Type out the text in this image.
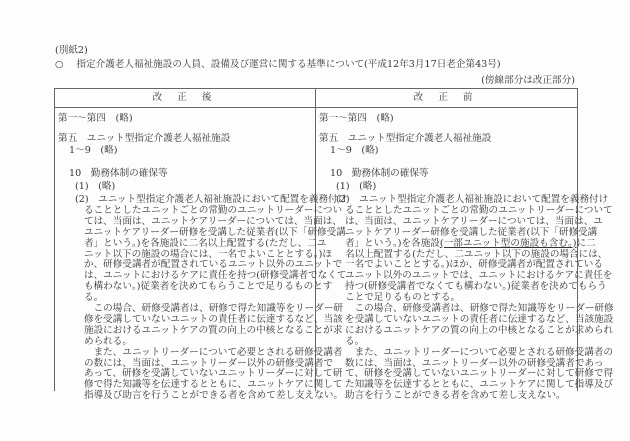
(別紙2)
○ 指定介護老人福祉施設の人員、設備及び運営に関する基準について(平成12年3月17日老企第43号)
(傍線部分は改正部分)
改 正 後	改 正 前
第一～第四　(略)
第五　ユニット型指定介護老人福祉施設
1～9　(略)
10　勤務体制の確保等
(1)　(略)
(2)　ユニット型指定介護老人福祉施設において配置を義務付け
ることとしたユニットごとの常勤のユニットリーダーについ
ては、当面は、ユニットケアリーダーについては、当面は、
ユニットケアリーダー研修を受講した従業者(以下「研修受講
者」という。)を各施設に二名以上配置する(ただし、二ユ
ニット以下の施設の場合には、一名でよいこととする。)ほ
か、研修受講者が配置されているユニット以外のユニットで
は、ユニットにおけるケアに責任を持つ(研修受講者でなくて
も構わない。)従業者を決めてもらうことで足りるものとす
る。
　この場合、研修受講者は、研修で得た知識等をリーダー研
修を受講していないユニットの責任者に伝達するなど、当該
施設におけるユニットケアの質の向上の中核となることが求
められる。
　また、ユニットリーダーについて必要とされる研修受講者
の数には、当面は、ユニットリーダー以外の研修受講者で
あって、研修を受講していないユニットリーダーに対して研
修で得た知識等を伝達するとともに、ユニットケアに関して
指導及び助言を行うことができる者を含めて差し支えない。
第一～第四　(略)
第五　ユニット型指定介護老人福祉施設
1～9　(略)
10　勤務体制の確保等
(1)　(略)
(2)　ユニット型指定介護老人福祉施設において配置を義務付け
ることとしたユニットごとの常勤のユニットリーダーについて
は、当面は、ユニットケアリーダーについては、当面は、ユ
ニットケアリーダー研修を受講した従業者(以下「研修受講
者」という。)を各施設(一部ユニット型の施設も含む。)に二
名以上配置する(ただし、二ユニット以下の施設の場合には、
一名でよいこととする。)ほか、研修受講者が配置されている
ユニット以外のユニットでは、ユニットにおけるケアに責任を
持つ(研修受講者でなくても構わない。)従業者を決めてもらう
ことで足りるものとする。
　この場合、研修受講者は、研修で得た知識等をリーダー研修
を受講していないユニットの責任者に伝達するなど、当該施設
におけるユニットケアの質の向上の中核となることが求められ
る。
　また、ユニットリーダーについて必要とされる研修受講者の
数には、当面は、ユニットリーダー以外の研修受講者であっ
て、研修を受講していないユニットリーダーに対して研修で得
た知識等を伝達するとともに、ユニットケアに関して指導及び
助言を行うことができる者を含めて差し支えない。
